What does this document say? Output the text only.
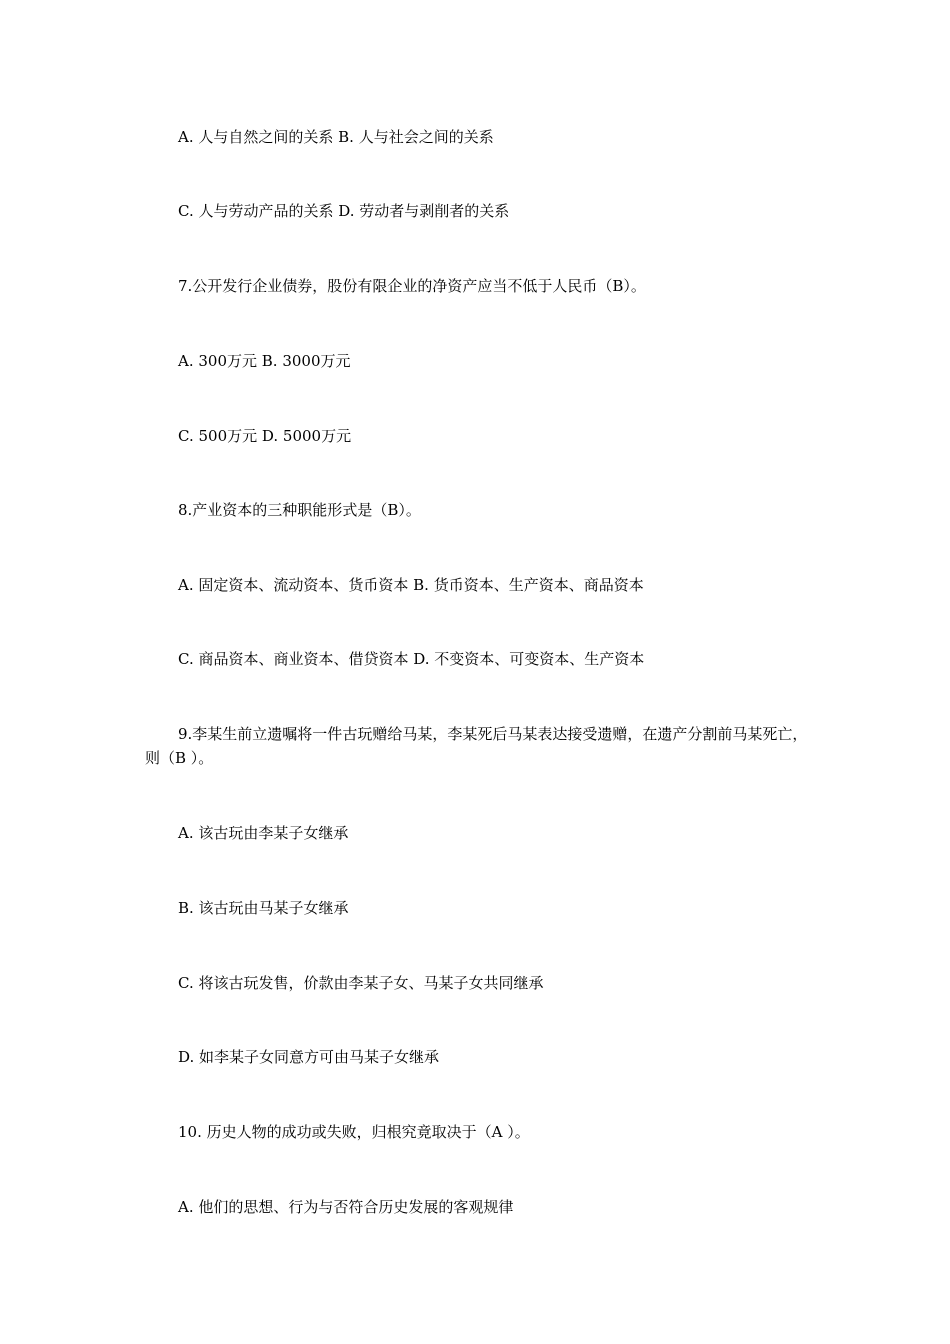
A. 人与自然之间的关系 B. 人与社会之间的关系
C. 人与劳动产品的关系 D. 劳动者与剥削者的关系
7.公开发行企业债券，股份有限企业的净资产应当不低于人民币（B）。
A. 300万元 B. 3000万元
C. 500万元 D. 5000万元
8.产业资本的三种职能形式是（B）。
A. 固定资本、流动资本、货币资本 B. 货币资本、生产资本、商品资本
C. 商品资本、商业资本、借贷资本 D. 不变资本、可变资本、生产资本
9.李某生前立遗嘱将一件古玩赠给马某，李某死后马某表达接受遗赠，在遗产分割前马某死亡，则（B ）。
A. 该古玩由李某子女继承
B. 该古玩由马某子女继承
C. 将该古玩发售，价款由李某子女、马某子女共同继承
D. 如李某子女同意方可由马某子女继承
10. 历史人物的成功或失败，归根究竟取决于（A ）。
A. 他们的思想、行为与否符合历史发展的客观规律
